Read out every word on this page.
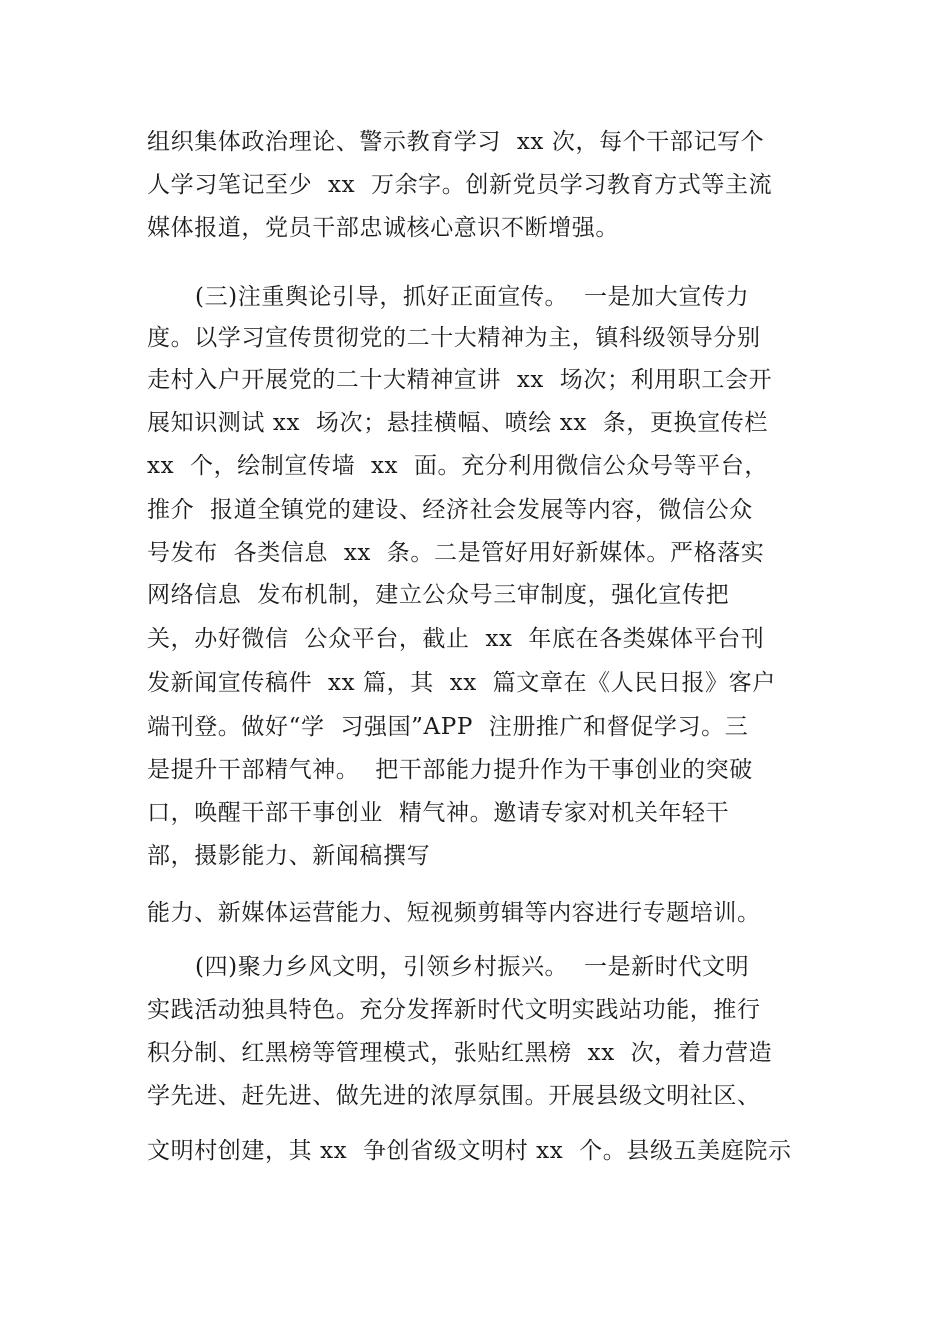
组织集体政治理论、警示教育学习  xx 次，每个干部记写个
人学习笔记至少  xx  万余字。创新党员学习教育方式等主流
媒体报道，党员干部忠诚核心意识不断增强。
(三)注重舆论引导，抓好正面宣传。  一是加大宣传力
度。以学习宣传贯彻党的二十大精神为主，镇科级领导分别
走村入户开展党的二十大精神宣讲  xx  场次；利用职工会开
展知识测试 xx  场次；悬挂横幅、喷绘 xx  条，更换宣传栏
xx  个，绘制宣传墙  xx  面。充分利用微信公众号等平台，
推介  报道全镇党的建设、经济社会发展等内容，微信公众
号发布  各类信息  xx  条。二是管好用好新媒体。严格落实
网络信息  发布机制，建立公众号三审制度，强化宣传把
关，办好微信  公众平台，截止  xx  年底在各类媒体平台刊
发新闻宣传稿件  xx 篇，其  xx  篇文章在《人民日报》客户
端刊登。做好“学  习强国”APP  注册推广和督促学习。三
是提升干部精气神。  把干部能力提升作为干事创业的突破
口，唤醒干部干事创业  精气神。邀请专家对机关年轻干
部，摄影能力、新闻稿撰写
能力、新媒体运营能力、短视频剪辑等内容进行专题培训。
(四)聚力乡风文明，引领乡村振兴。  一是新时代文明
实践活动独具特色。充分发挥新时代文明实践站功能，推行
积分制、红黑榜等管理模式，张贴红黑榜  xx  次，着力营造
学先进、赶先进、做先进的浓厚氛围。开展县级文明社区、
文明村创建，其 xx  争创省级文明村 xx  个。县级五美庭院示
